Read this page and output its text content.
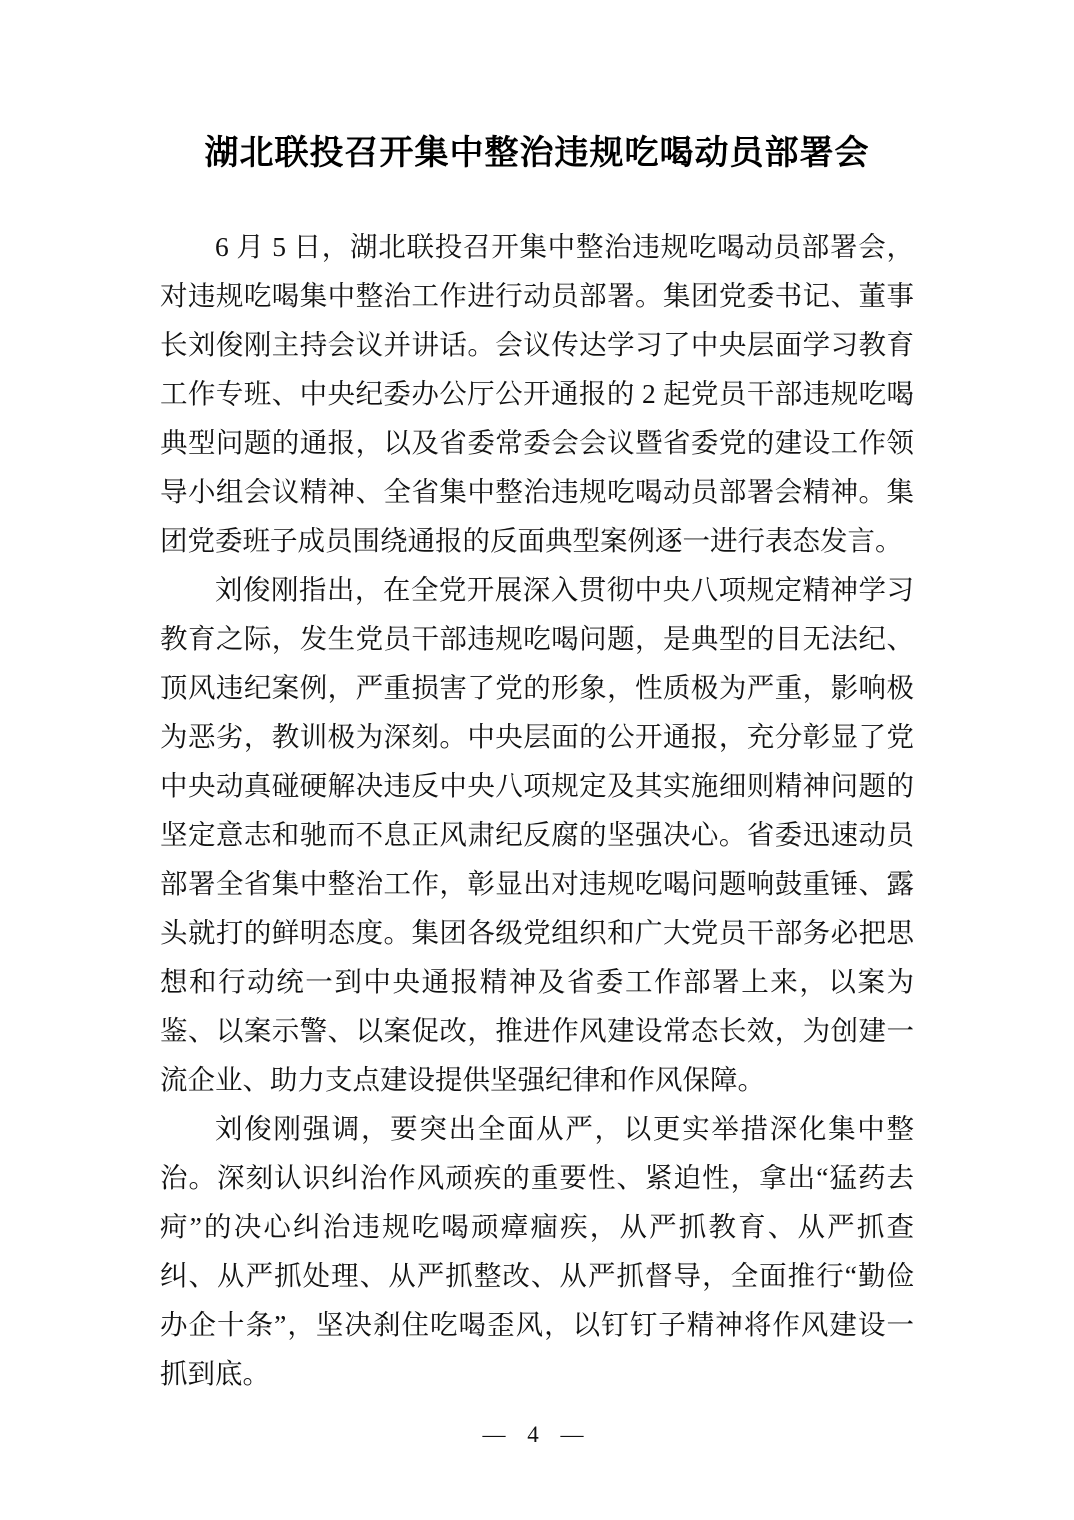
湖北联投召开集中整治违规吃喝动员部署会

6 月 5 日，湖北联投召开集中整治违规吃喝动员部署会，对违规吃喝集中整治工作进行动员部署。集团党委书记、董事长刘俊刚主持会议并讲话。会议传达学习了中央层面学习教育工作专班、中央纪委办公厅公开通报的 2 起党员干部违规吃喝典型问题的通报，以及省委常委会会议暨省委党的建设工作领导小组会议精神、全省集中整治违规吃喝动员部署会精神。集团党委班子成员围绕通报的反面典型案例逐一进行表态发言。

刘俊刚指出，在全党开展深入贯彻中央八项规定精神学习教育之际，发生党员干部违规吃喝问题，是典型的目无法纪、顶风违纪案例，严重损害了党的形象，性质极为严重，影响极为恶劣，教训极为深刻。中央层面的公开通报，充分彰显了党中央动真碰硬解决违反中央八项规定及其实施细则精神问题的坚定意志和驰而不息正风肃纪反腐的坚强决心。省委迅速动员部署全省集中整治工作，彰显出对违规吃喝问题响鼓重锤、露头就打的鲜明态度。集团各级党组织和广大党员干部务必把思想和行动统一到中央通报精神及省委工作部署上来，以案为鉴、以案示警、以案促改，推进作风建设常态长效，为创建一流企业、助力支点建设提供坚强纪律和作风保障。

刘俊刚强调，要突出全面从严，以更实举措深化集中整治。深刻认识纠治作风顽疾的重要性、紧迫性，拿出“猛药去疴”的决心纠治违规吃喝顽瘴痼疾，从严抓教育、从严抓查纠、从严抓处理、从严抓整改、从严抓督导，全面推行“勤俭办企十条”，坚决刹住吃喝歪风，以钉钉子精神将作风建设一抓到底。

— 4 —
